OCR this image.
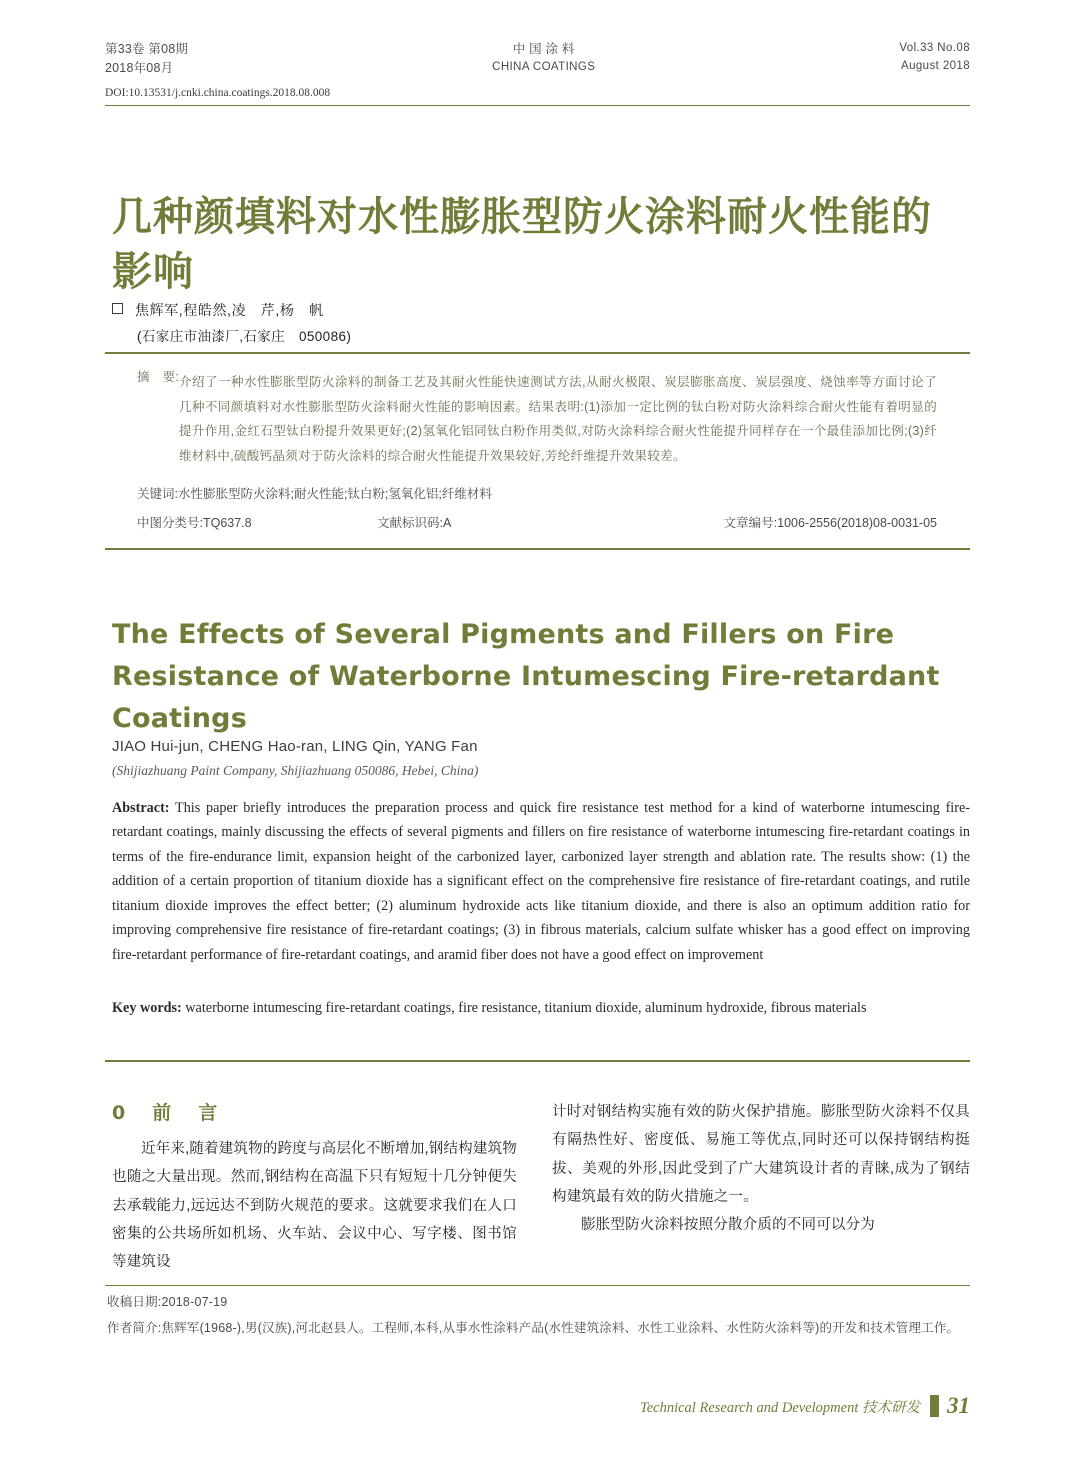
第33卷 第08期
2018年08月
中 国 涂 料
CHINA COATINGS
Vol.33 No.08
August 2018
DOI:10.13531/j.cnki.china.coatings.2018.08.008
几种颜填料对水性膨胀型防火涂料耐火性能的影响
焦辉军,程皓然,凌　芹,杨　帆
(石家庄市油漆厂,石家庄　050086)
摘　要: 介绍了一种水性膨胀型防火涂料的制备工艺及其耐火性能快速测试方法,从耐火极限、炭层膨胀高度、炭层强度、烧蚀率等方面讨论了几种不同颜填料对水性膨胀型防火涂料耐火性能的影响因素。结果表明:(1)添加一定比例的钛白粉对防火涂料综合耐火性能有着明显的提升作用,金红石型钛白粉提升效果更好;(2)氢氧化铝同钛白粉作用类似,对防火涂料综合耐火性能提升同样存在一个最佳添加比例;(3)纤维材料中,硫酸钙晶须对于防火涂料的综合耐火性能提升效果较好,芳纶纤维提升效果较差。
关键词:水性膨胀型防火涂料;耐火性能;钛白粉;氢氧化铝;纤维材料
中图分类号:TQ637.8	文献标识码:A	文章编号:1006-2556(2018)08-0031-05
The Effects of Several Pigments and Fillers on Fire Resistance of Waterborne Intumescing Fire-retardant Coatings
JIAO Hui-jun, CHENG Hao-ran, LING Qin, YANG Fan
(Shijiazhuang Paint Company, Shijiazhuang 050086, Hebei, China)
Abstract: This paper briefly introduces the preparation process and quick fire resistance test method for a kind of waterborne intumescing fire-retardant coatings, mainly discussing the effects of several pigments and fillers on fire resistance of waterborne intumescing fire-retardant coatings in terms of the fire-endurance limit, expansion height of the carbonized layer, carbonized layer strength and ablation rate. The results show: (1) the addition of a certain proportion of titanium dioxide has a significant effect on the comprehensive fire resistance of fire-retardant coatings, and rutile titanium dioxide improves the effect better; (2) aluminum hydroxide acts like titanium dioxide, and there is also an optimum addition ratio for improving comprehensive fire resistance of fire-retardant coatings; (3) in fibrous materials, calcium sulfate whisker has a good effect on improving fire-retardant performance of fire-retardant coatings, and aramid fiber does not have a good effect on improvement
Key words: waterborne intumescing fire-retardant coatings, fire resistance, titanium dioxide, aluminum hydroxide, fibrous materials
0　前　言
近年来,随着建筑物的跨度与高层化不断增加,钢结构建筑物也随之大量出现。然而,钢结构在高温下只有短短十几分钟便失去承载能力,远远达不到防火规范的要求。这就要求我们在人口密集的公共场所如机场、火车站、会议中心、写字楼、图书馆等建筑设
计时对钢结构实施有效的防火保护措施。膨胀型防火涂料不仅具有隔热性好、密度低、易施工等优点,同时还可以保持钢结构挺拔、美观的外形,因此受到了广大建筑设计者的青睐,成为了钢结构建筑最有效的防火措施之一。
膨胀型防火涂料按照分散介质的不同可以分为
收稿日期:2018-07-19
作者简介:焦辉军(1968-),男(汉族),河北赵县人。工程师,本科,从事水性涂料产品(水性建筑涂料、水性工业涂料、水性防火涂料等)的开发和技术管理工作。
Technical Research and Development 技术研发 31
